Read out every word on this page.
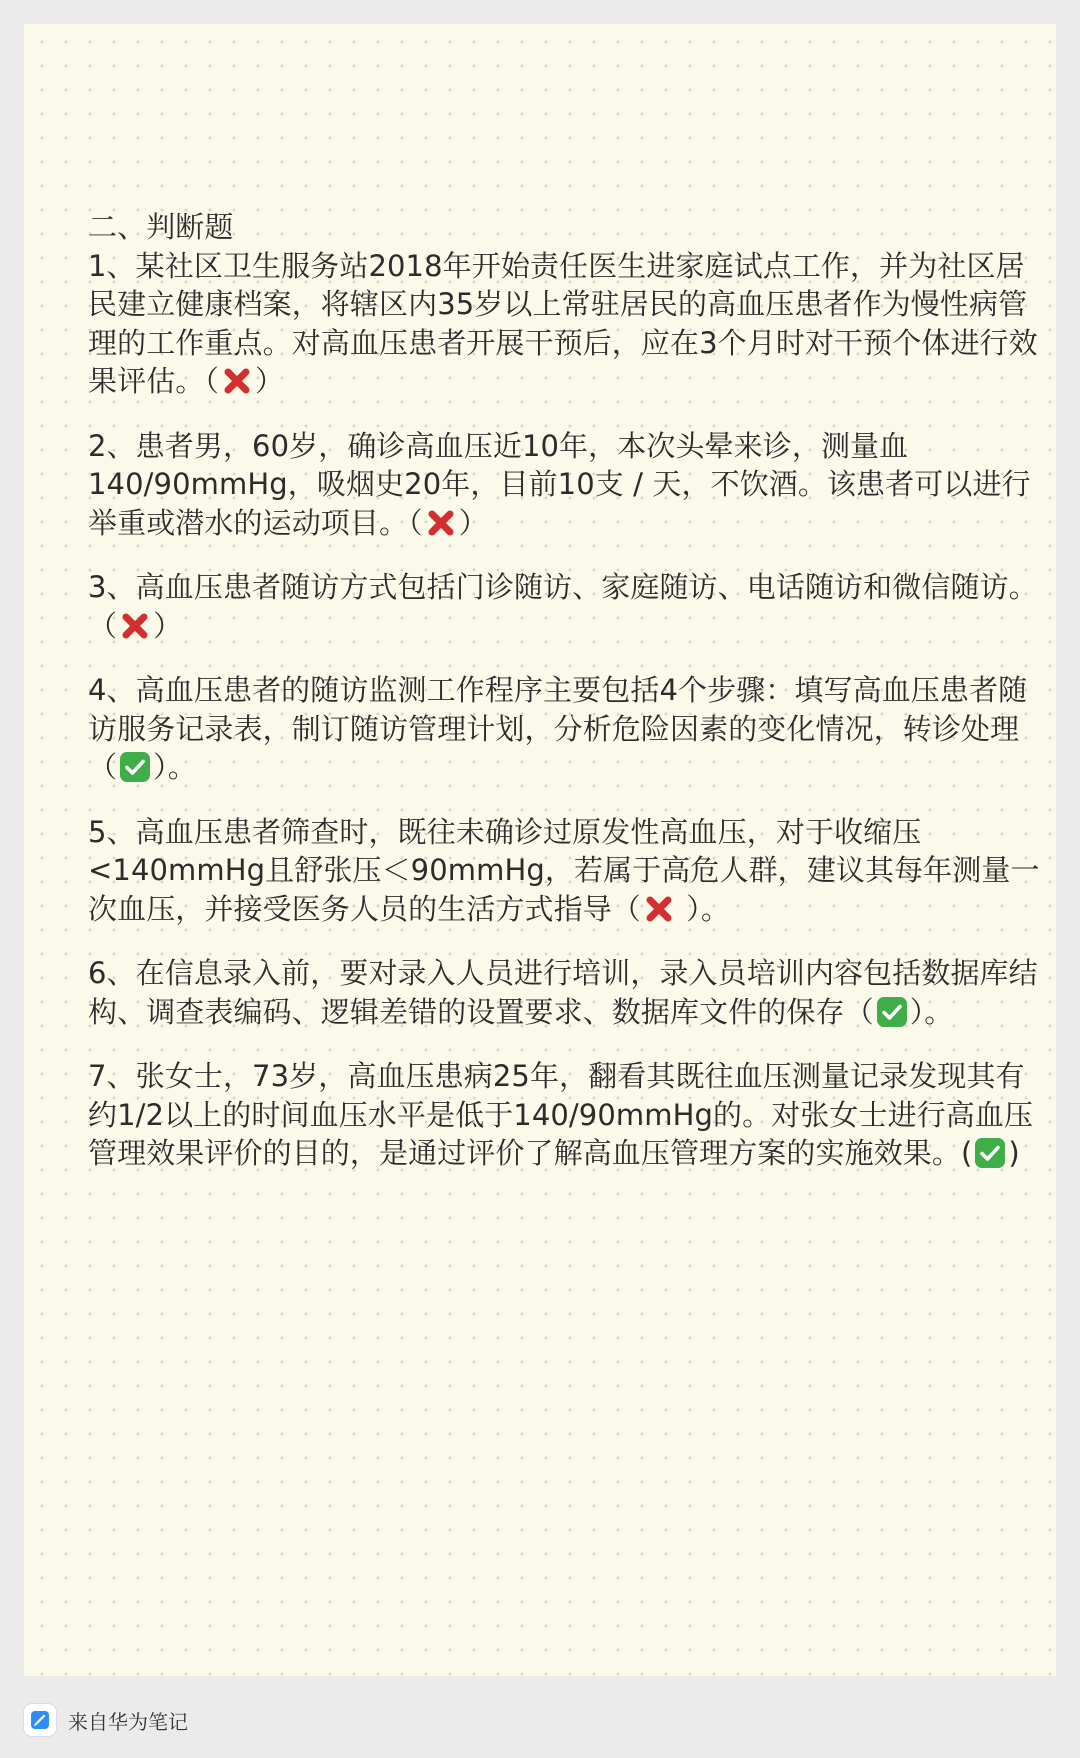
二、判断题
1、某社区卫生服务站2018年开始责任医生进家庭试点工作，并为社区居民建立健康档案，将辖区内35岁以上常驻居民的高血压患者作为慢性病管理的工作重点。对高血压患者开展干预后，应在3个月时对干预个体进行效果评估。（ ）
2、患者男，60岁，确诊高血压近10年，本次头晕来诊，测量血140/90mmHg，吸烟史20年，目前10支 / 天，不饮酒。该患者可以进行举重或潜水的运动项目。（ ）
3、高血压患者随访方式包括门诊随访、家庭随访、电话随访和微信随访。（ ）
4、高血压患者的随访监测工作程序主要包括4个步骤：填写高血压患者随访服务记录表，制订随访管理计划，分析危险因素的变化情况，转诊处理（ ）。
5、高血压患者筛查时，既往未确诊过原发性高血压，对于收缩压<140mmHg且舒张压＜90mmHg，若属于高危人群，建议其每年测量一次血压，并接受医务人员的生活方式指导（ ）。
6、在信息录入前，要对录入人员进行培训，录入员培训内容包括数据库结构、调查表编码、逻辑差错的设置要求、数据库文件的保存（ ）。
7、张女士，73岁，高血压患病25年，翻看其既往血压测量记录发现其有约1/2以上的时间血压水平是低于140/90mmHg的。对张女士进行高血压管理效果评价的目的，是通过评价了解高血压管理方案的实施效果。( )
来自华为笔记
